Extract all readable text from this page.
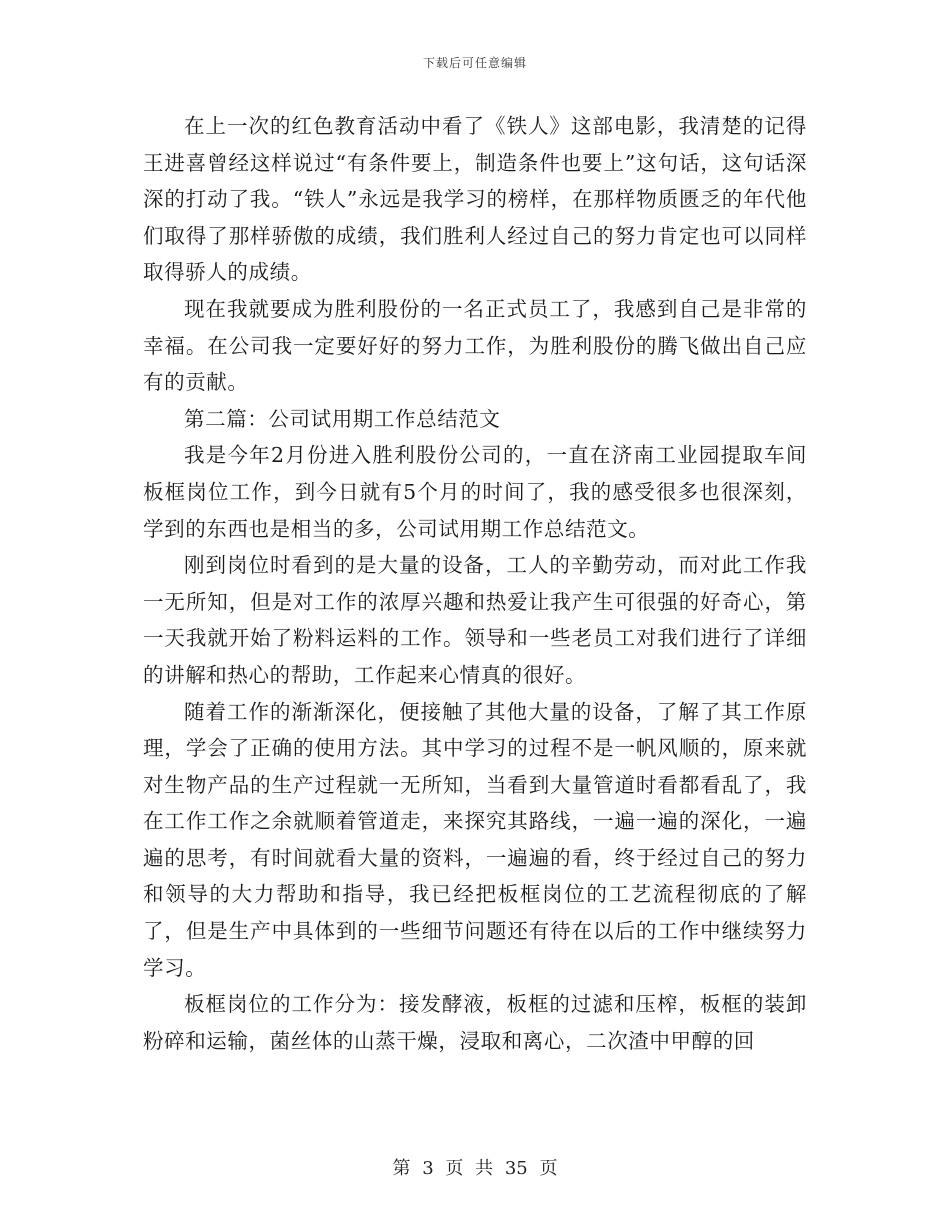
下载后可任意编辑

在上一次的红色教育活动中看了《铁人》这部电影，我清楚的记得王进喜曾经这样说过“有条件要上，制造条件也要上”这句话，这句话深深的打动了我。“铁人”永远是我学习的榜样，在那样物质匮乏的年代他们取得了那样骄傲的成绩，我们胜利人经过自己的努力肯定也可以同样取得骄人的成绩。

现在我就要成为胜利股份的一名正式员工了，我感到自己是非常的幸福。在公司我一定要好好的努力工作，为胜利股份的腾飞做出自己应有的贡献。

第二篇：公司试用期工作总结范文

我是今年2月份进入胜利股份公司的，一直在济南工业园提取车间板框岗位工作，到今日就有5个月的时间了，我的感受很多也很深刻，学到的东西也是相当的多，公司试用期工作总结范文。

刚到岗位时看到的是大量的设备，工人的辛勤劳动，而对此工作我一无所知，但是对工作的浓厚兴趣和热爱让我产生可很强的好奇心，第一天我就开始了粉料运料的工作。领导和一些老员工对我们进行了详细的讲解和热心的帮助，工作起来心情真的很好。

随着工作的渐渐深化，便接触了其他大量的设备，了解了其工作原理，学会了正确的使用方法。其中学习的过程不是一帆风顺的，原来就对生物产品的生产过程就一无所知，当看到大量管道时看都看乱了，我在工作工作之余就顺着管道走，来探究其路线，一遍一遍的深化，一遍遍的思考，有时间就看大量的资料，一遍遍的看，终于经过自己的努力和领导的大力帮助和指导，我已经把板框岗位的工艺流程彻底的了解了，但是生产中具体到的一些细节问题还有待在以后的工作中继续努力学习。

板框岗位的工作分为：接发酵液，板框的过滤和压榨，板框的装卸粉碎和运输，菌丝体的山蒸干燥，浸取和离心，二次渣中甲醇的回

第 3 页 共 35 页
